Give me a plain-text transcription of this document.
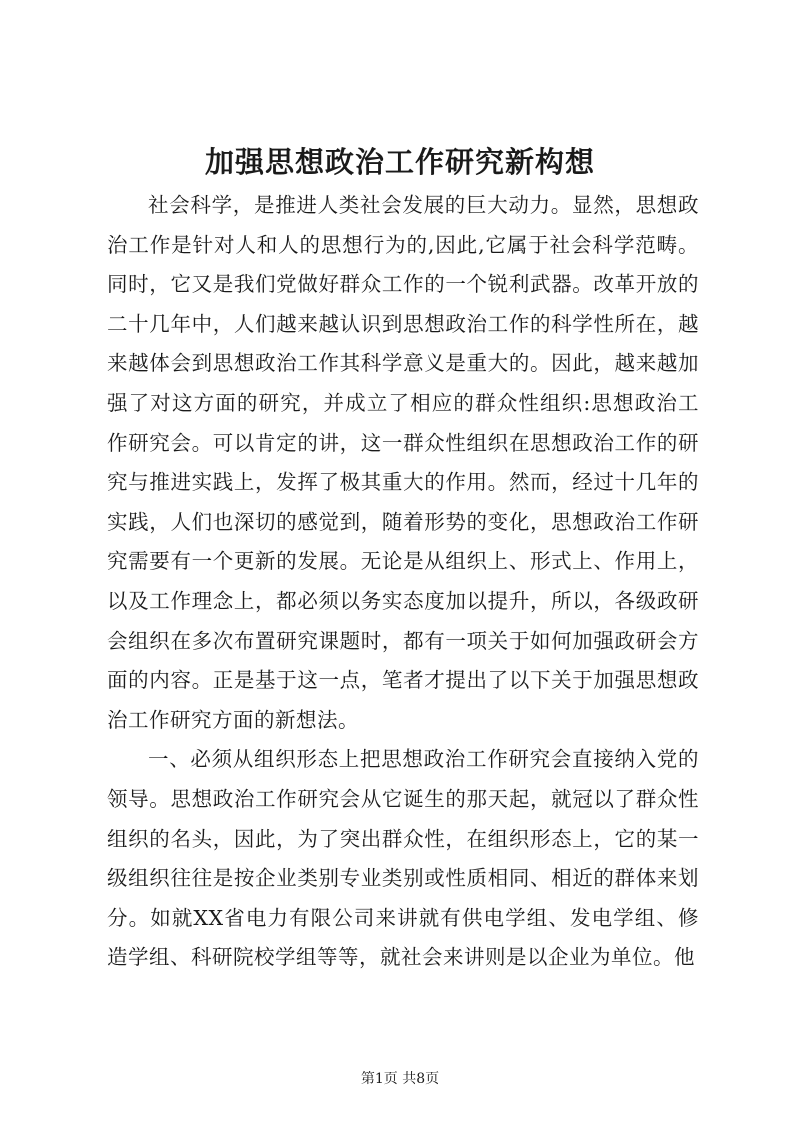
加强思想政治工作研究新构想

社会科学，是推进人类社会发展的巨大动力。显然，思想政治工作是针对人和人的思想行为的,因此,它属于社会科学范畴。同时，它又是我们党做好群众工作的一个锐利武器。改革开放的二十几年中，人们越来越认识到思想政治工作的科学性所在，越来越体会到思想政治工作其科学意义是重大的。因此，越来越加强了对这方面的研究，并成立了相应的群众性组织:思想政治工作研究会。可以肯定的讲，这一群众性组织在思想政治工作的研究与推进实践上，发挥了极其重大的作用。然而，经过十几年的实践，人们也深切的感觉到，随着形势的变化，思想政治工作研究需要有一个更新的发展。无论是从组织上、形式上、作用上，以及工作理念上，都必须以务实态度加以提升，所以，各级政研会组织在多次布置研究课题时，都有一项关于如何加强政研会方面的内容。正是基于这一点，笔者才提出了以下关于加强思想政治工作研究方面的新想法。

一、必须从组织形态上把思想政治工作研究会直接纳入党的领导。思想政治工作研究会从它诞生的那天起，就冠以了群众性组织的名头，因此，为了突出群众性，在组织形态上，它的某一级组织往往是按企业类别专业类别或性质相同、相近的群体来划分。如就XX省电力有限公司来讲就有供电学组、发电学组、修造学组、科研院校学组等等，就社会来讲则是以企业为单位。他

第1页 共8页
